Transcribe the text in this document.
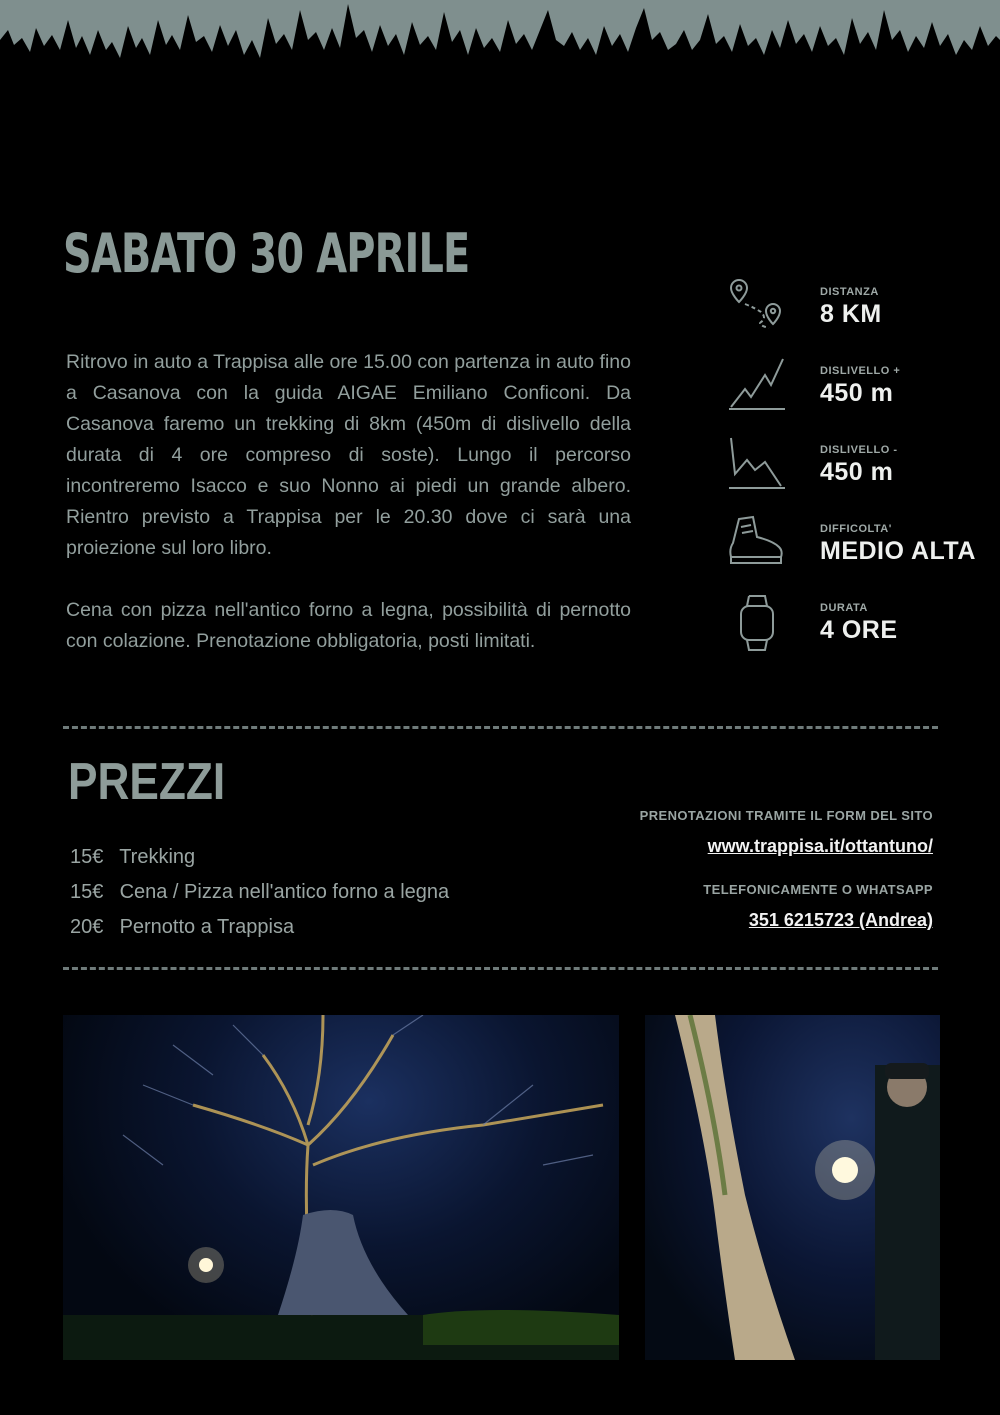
SABATO 30 APRILE

Ritrovo in auto a Trappisa alle ore 15.00 con partenza in auto fino a Casanova con la guida AIGAE Emiliano Conficoni. Da Casanova faremo un trekking di 8km (450m di dislivello della durata di 4 ore compreso di soste). Lungo il percorso incontreremo Isacco e suo Nonno ai piedi un grande albero. Rientro previsto a Trappisa per le 20.30 dove ci sarà una proiezione sul loro libro.

Cena con pizza nell'antico forno a legna, possibilità di pernotto con colazione. Prenotazione obbligatoria, posti limitati.

DISTANZA
8 KM
DISLIVELLO +
450 m
DISLIVELLO -
450 m
DIFFICOLTA'
MEDIO ALTA
DURATA
4 ORE
PREZZI
15€ Trekking
15€ Cena / Pizza nell'antico forno a legna
20€ Pernotto a Trappisa
PRENOTAZIONI TRAMITE IL FORM DEL SITO
www.trappisa.it/ottantuno/
TELEFONICAMENTE O WHATSAPP
351 6215723 (Andrea)
